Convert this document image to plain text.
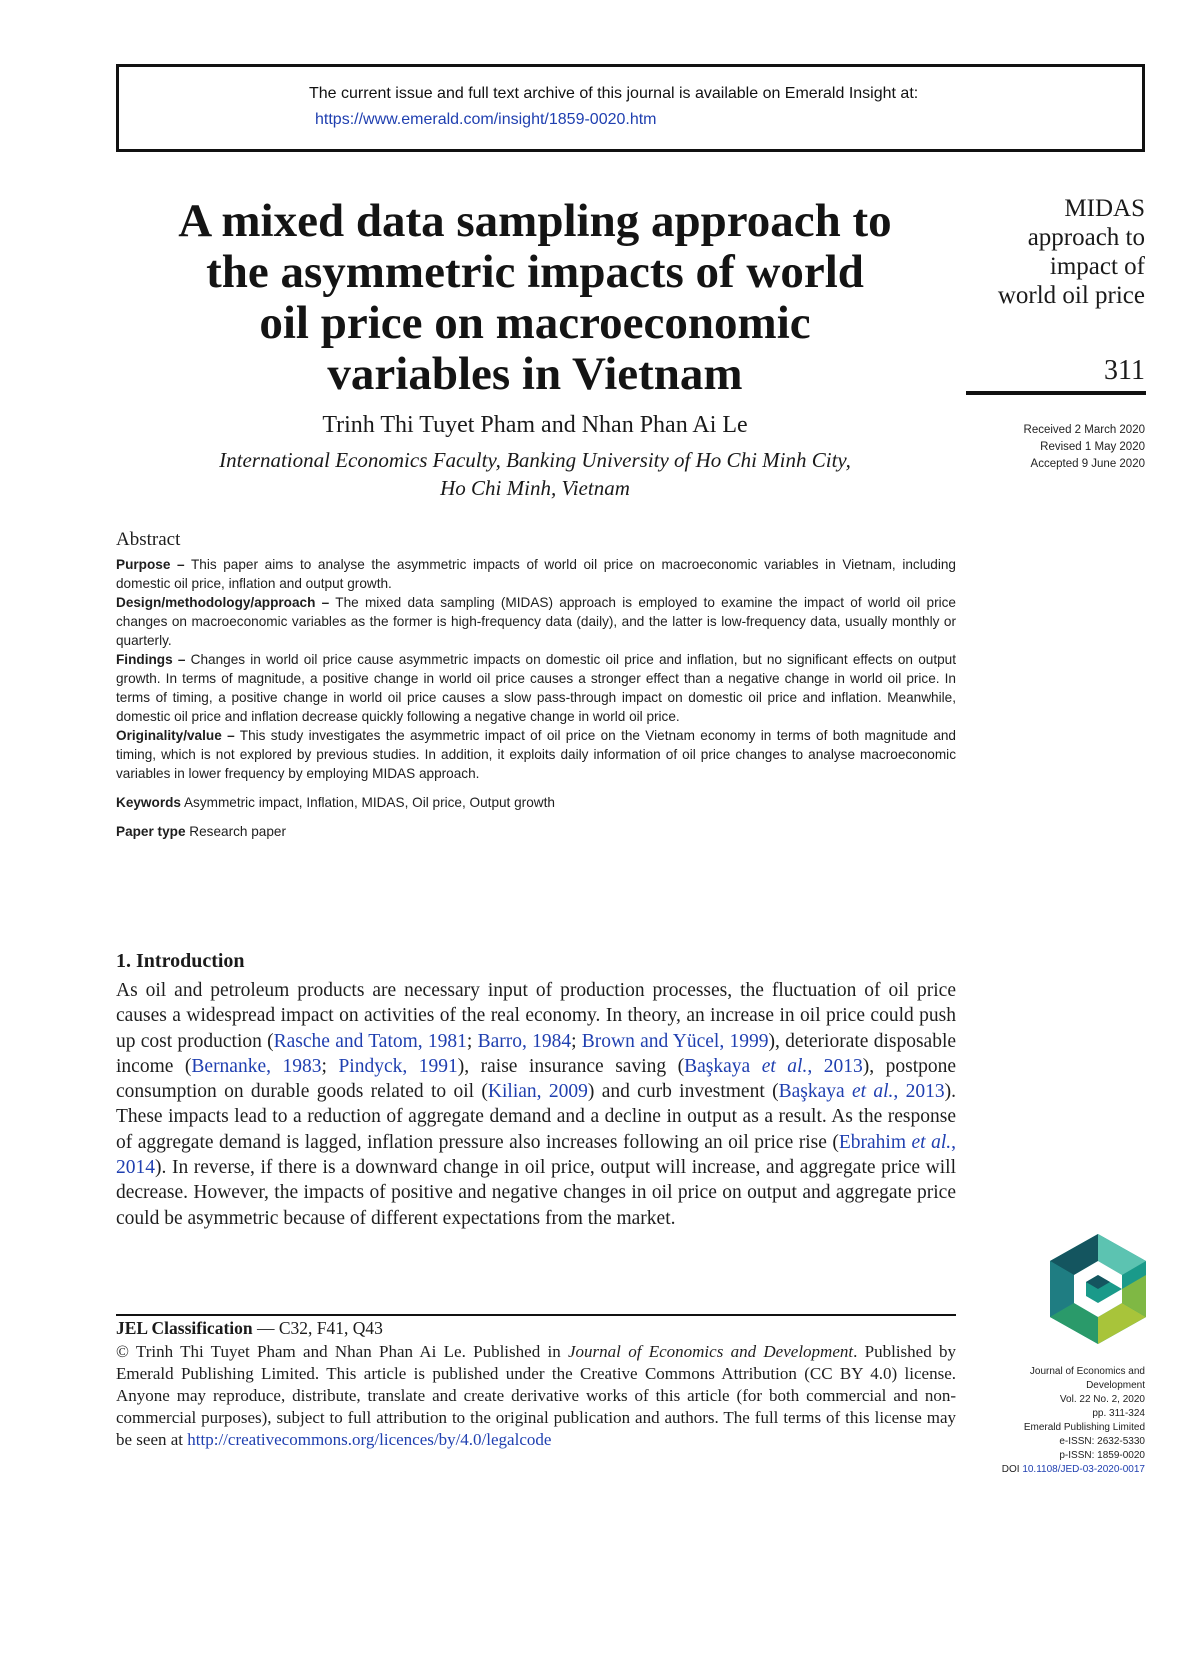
The current issue and full text archive of this journal is available on Emerald Insight at:
https://www.emerald.com/insight/1859-0020.htm
A mixed data sampling approach to
the asymmetric impacts of world
oil price on macroeconomic
variables in Vietnam
MIDAS
approach to
impact of
world oil price
311
Received 2 March 2020
Revised 1 May 2020
Accepted 9 June 2020
Trinh Thi Tuyet Pham and Nhan Phan Ai Le
International Economics Faculty, Banking University of Ho Chi Minh City,
Ho Chi Minh, Vietnam
Abstract

Purpose – This paper aims to analyse the asymmetric impacts of world oil price on macroeconomic variables in Vietnam, including domestic oil price, inflation and output growth.

Design/methodology/approach – The mixed data sampling (MIDAS) approach is employed to examine the impact of world oil price changes on macroeconomic variables as the former is high-frequency data (daily), and the latter is low-frequency data, usually monthly or quarterly.

Findings – Changes in world oil price cause asymmetric impacts on domestic oil price and inflation, but no significant effects on output growth. In terms of magnitude, a positive change in world oil price causes a stronger effect than a negative change in world oil price. In terms of timing, a positive change in world oil price causes a slow pass-through impact on domestic oil price and inflation. Meanwhile, domestic oil price and inflation decrease quickly following a negative change in world oil price.

Originality/value – This study investigates the asymmetric impact of oil price on the Vietnam economy in terms of both magnitude and timing, which is not explored by previous studies. In addition, it exploits daily information of oil price changes to analyse macroeconomic variables in lower frequency by employing MIDAS approach.

Keywords Asymmetric impact, Inflation, MIDAS, Oil price, Output growth

Paper type Research paper

1. Introduction
As oil and petroleum products are necessary input of production processes, the fluctuation of oil price causes a widespread impact on activities of the real economy. In theory, an increase in oil price could push up cost production (Rasche and Tatom, 1981; Barro, 1984; Brown and Yücel, 1999), deteriorate disposable income (Bernanke, 1983; Pindyck, 1991), raise insurance saving (Başkaya et al., 2013), postpone consumption on durable goods related to oil (Kilian, 2009) and curb investment (Başkaya et al., 2013). These impacts lead to a reduction of aggregate demand and a decline in output as a result. As the response of aggregate demand is lagged, inflation pressure also increases following an oil price rise (Ebrahim et al., 2014). In reverse, if there is a downward change in oil price, output will increase, and aggregate price will decrease. However, the impacts of positive and negative changes in oil price on output and aggregate price could be asymmetric because of different expectations from the market.
JEL Classification — C32, F41, Q43
© Trinh Thi Tuyet Pham and Nhan Phan Ai Le. Published in Journal of Economics and Development. Published by Emerald Publishing Limited. This article is published under the Creative Commons Attribution (CC BY 4.0) license. Anyone may reproduce, distribute, translate and create derivative works of this article (for both commercial and non-commercial purposes), subject to full attribution to the original publication and authors. The full terms of this license may be seen at http://creativecommons.org/licences/by/4.0/legalcode
Journal of Economics and
Development
Vol. 22 No. 2, 2020
pp. 311-324
Emerald Publishing Limited
e-ISSN: 2632-5330
p-ISSN: 1859-0020
DOI 10.1108/JED-03-2020-0017
